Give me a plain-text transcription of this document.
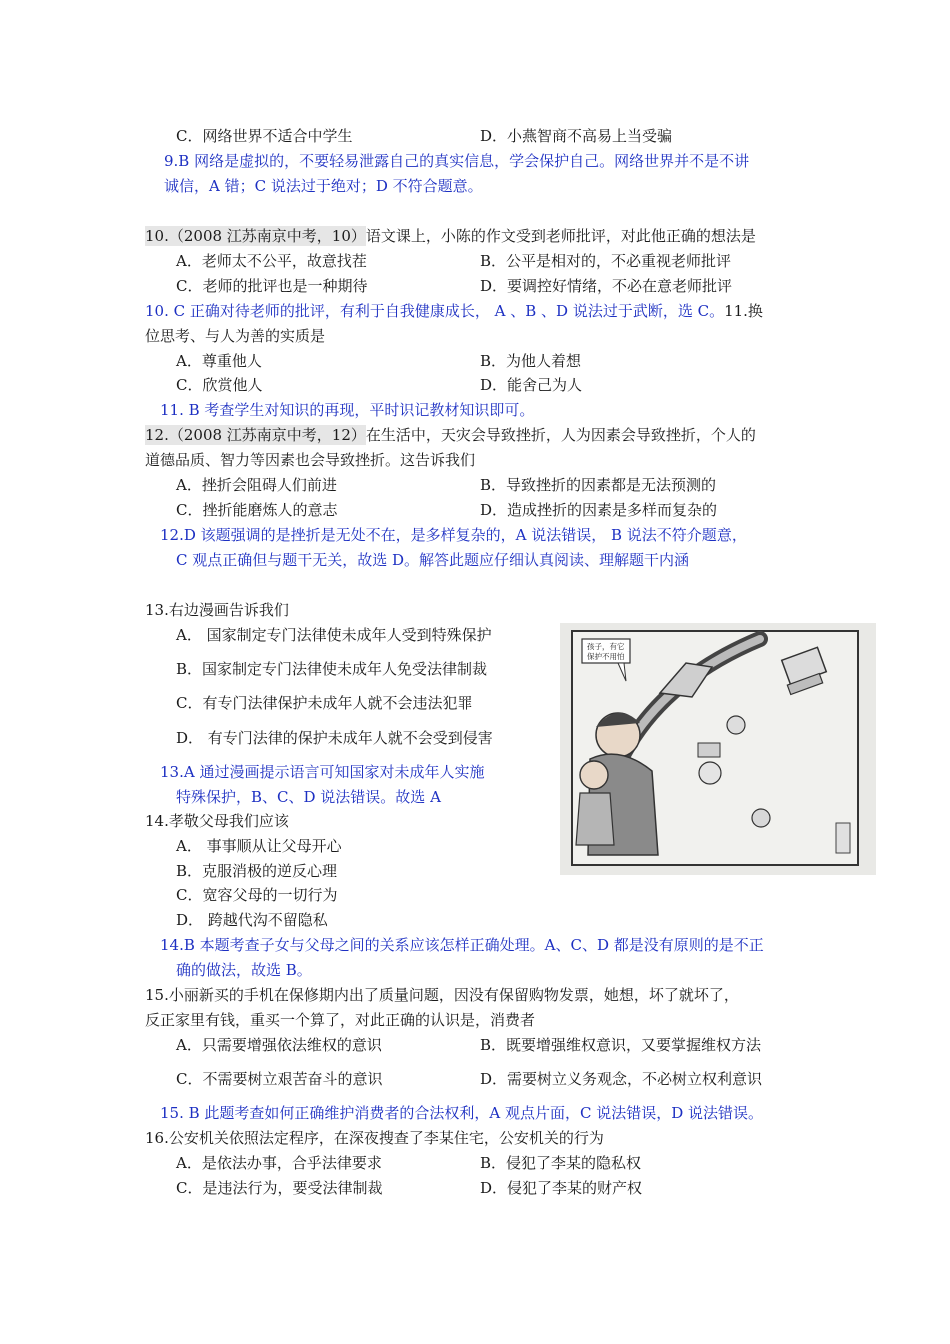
C．网络世界不适合中学生	D．小燕智商不高易上当受骗
9.B 网络是虚拟的，不要轻易泄露自己的真实信息，学会保护自己。网络世界并不是不讲
诚信，A 错；C 说法过于绝对；D 不符合题意。
10.（2008 江苏南京中考，10）语文课上，小陈的作文受到老师批评，对此他正确的想法是
A．老师太不公平，故意找茬	B．公平是相对的，不必重视老师批评
C．老师的批评也是一种期待	D．要调控好情绪，不必在意老师批评
10. C 正确对待老师的批评，有利于自我健康成长， A 、B 、D 说法过于武断，选 C。11.换
位思考、与人为善的实质是
A．尊重他人	B．为他人着想
C．欣赏他人	D．能舍己为人
11. B 考查学生对知识的再现，平时识记教材知识即可。
12.（2008 江苏南京中考，12）在生活中，天灾会导致挫折，人为因素会导致挫折，个人的
道德品质、智力等因素也会导致挫折。这告诉我们
A．挫折会阻碍人们前进	B．导致挫折的因素都是无法预测的
C．挫折能磨炼人的意志	D．造成挫折的因素是多样而复杂的
12.D 该题强调的是挫折是无处不在，是多样复杂的，A 说法错误， B 说法不符介题意，
C 观点正确但与题干无关，故选 D。解答此题应仔细认真阅读、理解题干内涵
13.右边漫画告诉我们
A． 国家制定专门法律使未成年人受到特殊保护
B．国家制定专门法律使未成年人免受法律制裁
C．有专门法律保护未成年人就不会违法犯罪
D． 有专门法律的保护未成年人就不会受到侵害
13.A 通过漫画提示语言可知国家对未成年人实施
特殊保护，B、C、D 说法错误。故选 A
孩子，有它
保护不用怕
14.孝敬父母我们应该
A． 事事顺从让父母开心
B．克服消极的逆反心理
C．宽容父母的一切行为
D． 跨越代沟不留隐私
14.B 本题考查子女与父母之间的关系应该怎样正确处理。A、C、D 都是没有原则的是不正
确的做法，故选 B。
15.小丽新买的手机在保修期内出了质量问题，因没有保留购物发票，她想，坏了就坏了，
反正家里有钱，重买一个算了，对此正确的认识是，消费者
A．只需要增强依法维权的意识	B．既要增强维权意识，又要掌握维权方法
C．不需要树立艰苦奋斗的意识	D．需要树立义务观念，不必树立权利意识
15. B 此题考查如何正确维护消费者的合法权利，A 观点片面，C 说法错误，D 说法错误。
16.公安机关依照法定程序，在深夜搜查了李某住宅，公安机关的行为
A．是依法办事，合乎法律要求	B．侵犯了李某的隐私权
C．是违法行为，要受法律制裁	D．侵犯了李某的财产权
